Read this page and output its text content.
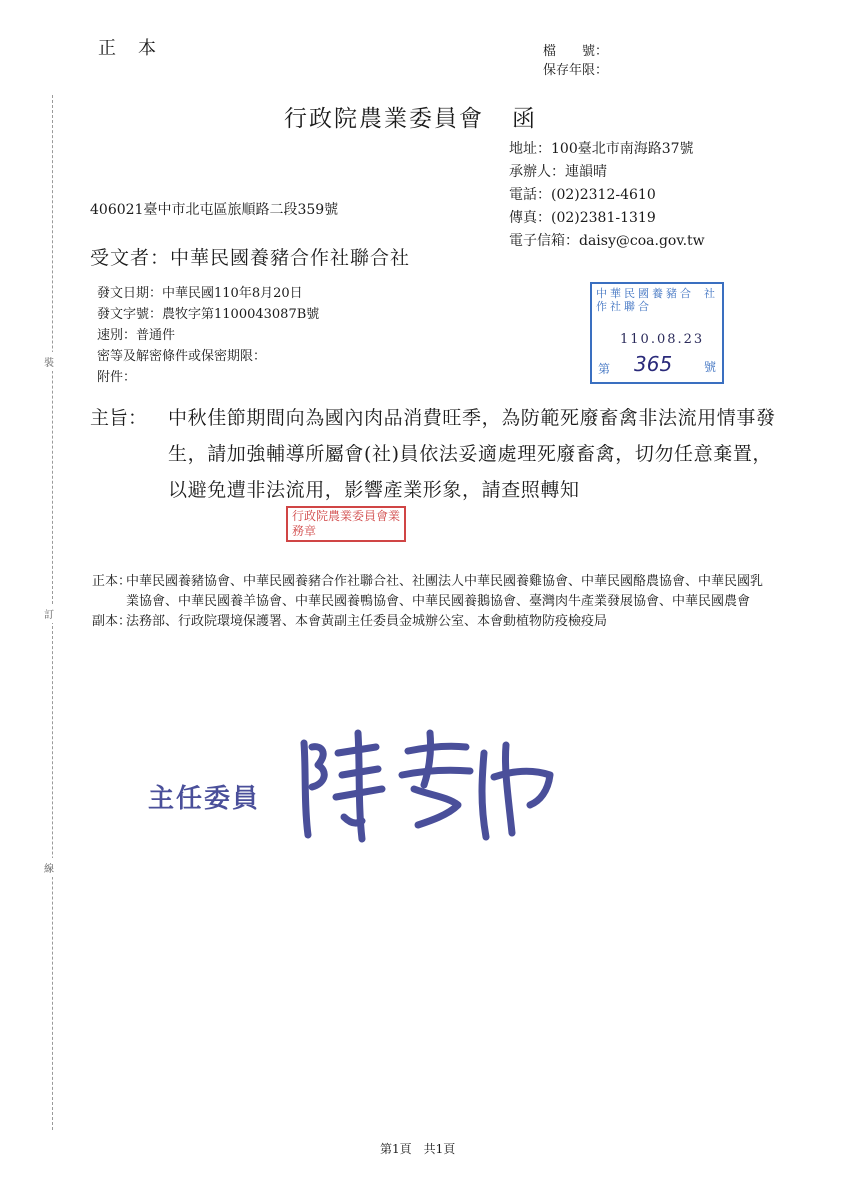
裝
訂
線
正本	檔　　號：
保存年限：
行政院農業委員會 函
地址：100臺北市南海路37號
承辦人：連韻晴
電話：(02)2312-4610
傳真：(02)2381-1319
電子信箱：daisy@coa.gov.tw
406021臺中市北屯區旅順路二段359號
受文者：中華民國養豬合作社聯合社
發文日期：中華民國110年8月20日
發文字號：農牧字第1100043087B號
速別：普通件
密等及解密條件或保密期限：
附件：
中華民國養豬合作社聯合
社
110.08.23
第 365	號
主旨： 中秋佳節期間向為國內肉品消費旺季，為防範死廢畜禽非法流用情事發生，請加強輔導所屬會(社)員依法妥適處理死廢畜禽，切勿任意棄置，以避免遭非法流用，影響產業形象，請查照轉知
行政院農業委員會業務章
正本：
中華民國養豬協會、中華民國養豬合作社聯合社、社團法人中華民國養雞協會、中華民國酪農協會、中華民國乳業協會、中華民國養羊協會、中華民國養鴨協會、中華民國養鵝協會、臺灣肉牛產業發展協會、中華民國農會
副本：
法務部、行政院環境保護署、本會黃副主任委員金城辦公室、本會動植物防疫檢疫局
主任委員
第1頁　共1頁
